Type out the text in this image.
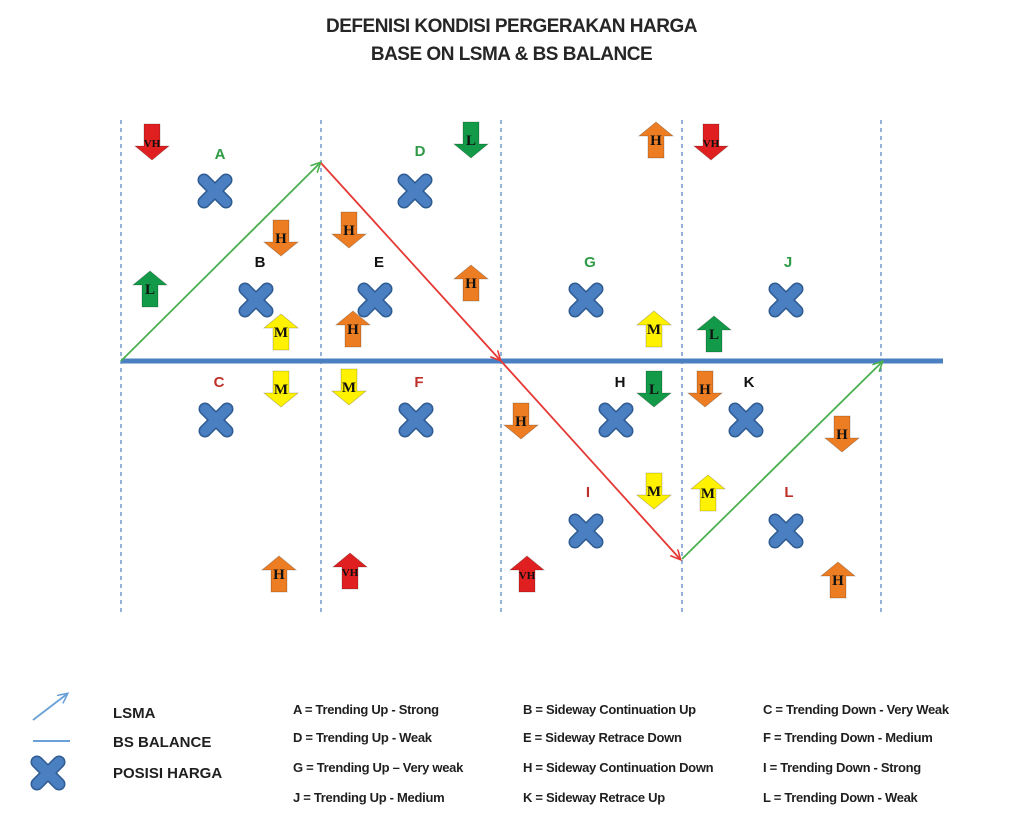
DEFENISI KONDISI PERGERAKAN HARGA
BASE ON LSMA & BS BALANCE
A
B
C
D
E
F
G
H
I
J
K
L
VH
L
H
M
M
H
H
M
H
L
VH
H
H
M
L
M
H
VH
VH
L
H
M
H
H
LSMA
BS BALANCE
POSISI HARGA
A = Trending Up - Strong	B = Sideway Continuation Up	C = Trending Down - Very Weak
D = Trending Up - Weak	E = Sideway Retrace Down	F = Trending Down - Medium
G = Trending Up – Very weak	H = Sideway Continuation Down	I = Trending Down - Strong
J = Trending Up - Medium	K = Sideway Retrace Up	L = Trending Down - Weak
